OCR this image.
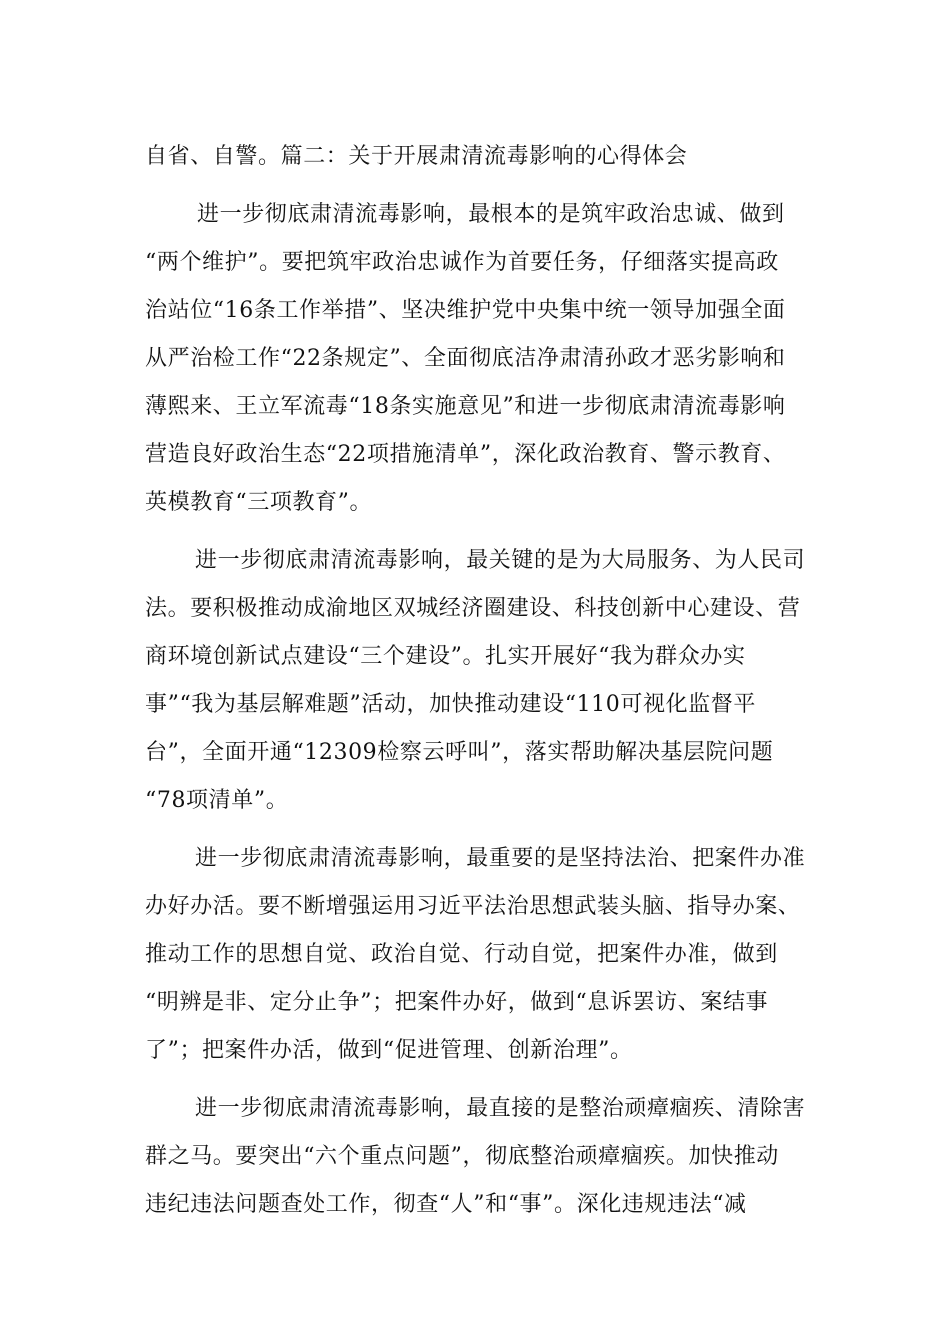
自省、自警。篇二：关于开展肃清流毒影响的心得体会
进一步彻底肃清流毒影响，最根本的是筑牢政治忠诚、做到
“两个维护”。要把筑牢政治忠诚作为首要任务，仔细落实提高政
治站位“16条工作举措”、坚决维护党中央集中统一领导加强全面
从严治检工作“22条规定”、全面彻底洁净肃清孙政才恶劣影响和
薄熙来、王立军流毒“18条实施意见”和进一步彻底肃清流毒影响
营造良好政治生态“22项措施清单”，深化政治教育、警示教育、
英模教育“三项教育”。
进一步彻底肃清流毒影响，最关键的是为大局服务、为人民司
法。要积极推动成渝地区双城经济圈建设、科技创新中心建设、营
商环境创新试点建设“三个建设”。扎实开展好“我为群众办实
事”“我为基层解难题”活动，加快推动建设“110可视化监督平
台”，全面开通“12309检察云呼叫”，落实帮助解决基层院问题
“78项清单”。
进一步彻底肃清流毒影响，最重要的是坚持法治、把案件办准
办好办活。要不断增强运用习近平法治思想武装头脑、指导办案、
推动工作的思想自觉、政治自觉、行动自觉，把案件办准，做到
“明辨是非、定分止争”；把案件办好，做到“息诉罢访、案结事
了”；把案件办活，做到“促进管理、创新治理”。
进一步彻底肃清流毒影响，最直接的是整治顽瘴痼疾、清除害
群之马。要突出“六个重点问题”，彻底整治顽瘴痼疾。加快推动
违纪违法问题查处工作，彻查“人”和“事”。深化违规违法“减
